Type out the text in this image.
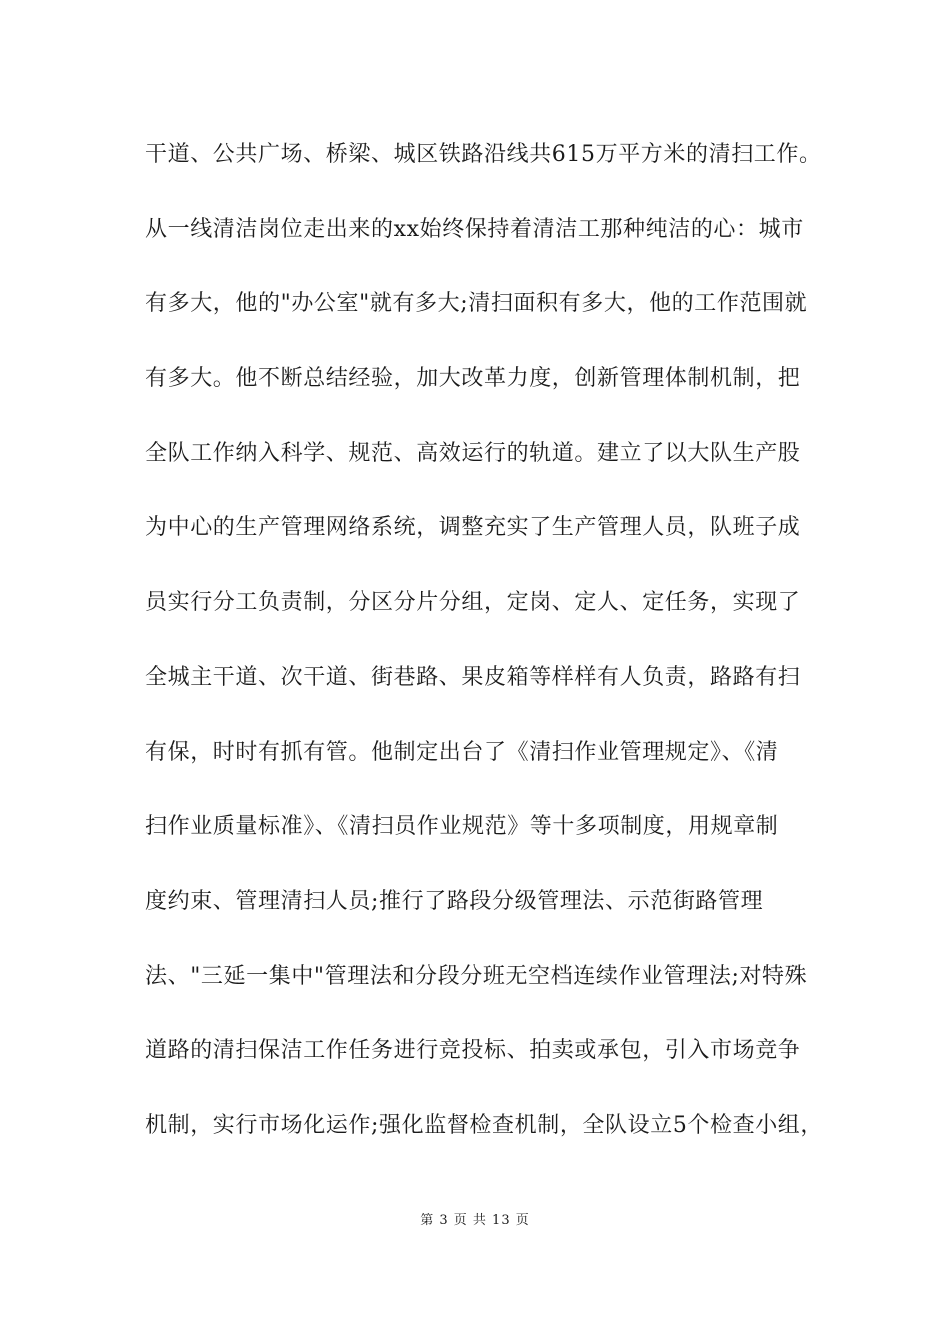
干道、公共广场、桥梁、城区铁路沿线共615万平方米的清扫工作。
从一线清洁岗位走出来的xx始终保持着清洁工那种纯洁的心：城市
有多大，他的"办公室"就有多大;清扫面积有多大，他的工作范围就
有多大。他不断总结经验，加大改革力度，创新管理体制机制，把
全队工作纳入科学、规范、高效运行的轨道。建立了以大队生产股
为中心的生产管理网络系统，调整充实了生产管理人员，队班子成
员实行分工负责制，分区分片分组，定岗、定人、定任务，实现了
全城主干道、次干道、街巷路、果皮箱等样样有人负责，路路有扫
有保，时时有抓有管。他制定出台了《清扫作业管理规定》、《清
扫作业质量标准》、《清扫员作业规范》等十多项制度，用规章制
度约束、管理清扫人员;推行了路段分级管理法、示范街路管理
法、"三延一集中"管理法和分段分班无空档连续作业管理法;对特殊
道路的清扫保洁工作任务进行竞投标、拍卖或承包，引入市场竞争
机制，实行市场化运作;强化监督检查机制，全队设立5个检查小组，
第 3 页 共 13 页
